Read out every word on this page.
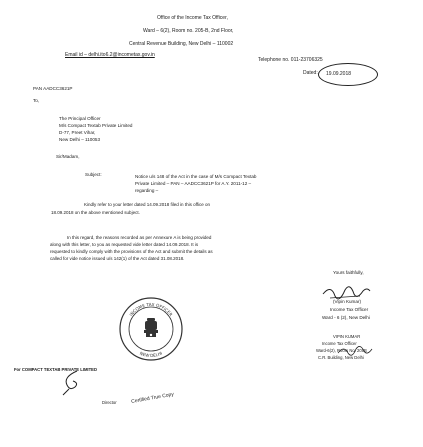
Office of the Income Tax Officer,
Ward – 6(2), Room no. 205-B, 2nd Floor,
Central Revenue Building, New Delhi – 110002
Email id – delhi.ito6.2@incometax.gov.in
Telephone no. 011-23706325
Dated: 19.09.2018
PAN AADCC3621P
To,
The Principal Officer
M/s Compact Textab Private Limited
D-77, Preet Vihar,
New Delhi – 110053
Sir/Madam,
Subject:	Notice u/s 148 of the Act in the case of M/s Compact Textab
Private Limited – PAN – AADCC3621P for A.Y. 2011-12 –
regarding –
Kindly refer to your letter dated 14.09.2018 filed in this office on
18.09.2018 on the above mentioned subject.
In this regard, the reasons recorded as per Annexure A is being provided
along with this letter, to you as requested vide letter dated 14.09.2018. It is
requested to kindly comply with the provisions of the Act and submit the details as
called for vide notice issued u/s 142(1) of the Act dated 31.08.2018.
Yours faithfully,
(Vipin Kumar)
Income Tax Officer
Ward - 6 (2), New Delhi
INCOME TAX OFFICER
NEW DELHI
VIPIN KUMAR
Income Tax Officer
Ward-6(2), Room No. 205B
C.R. Building, New Delhi
For COMPACT TEXTAB PRIVATE LIMITED
Director	Certified True Copy
